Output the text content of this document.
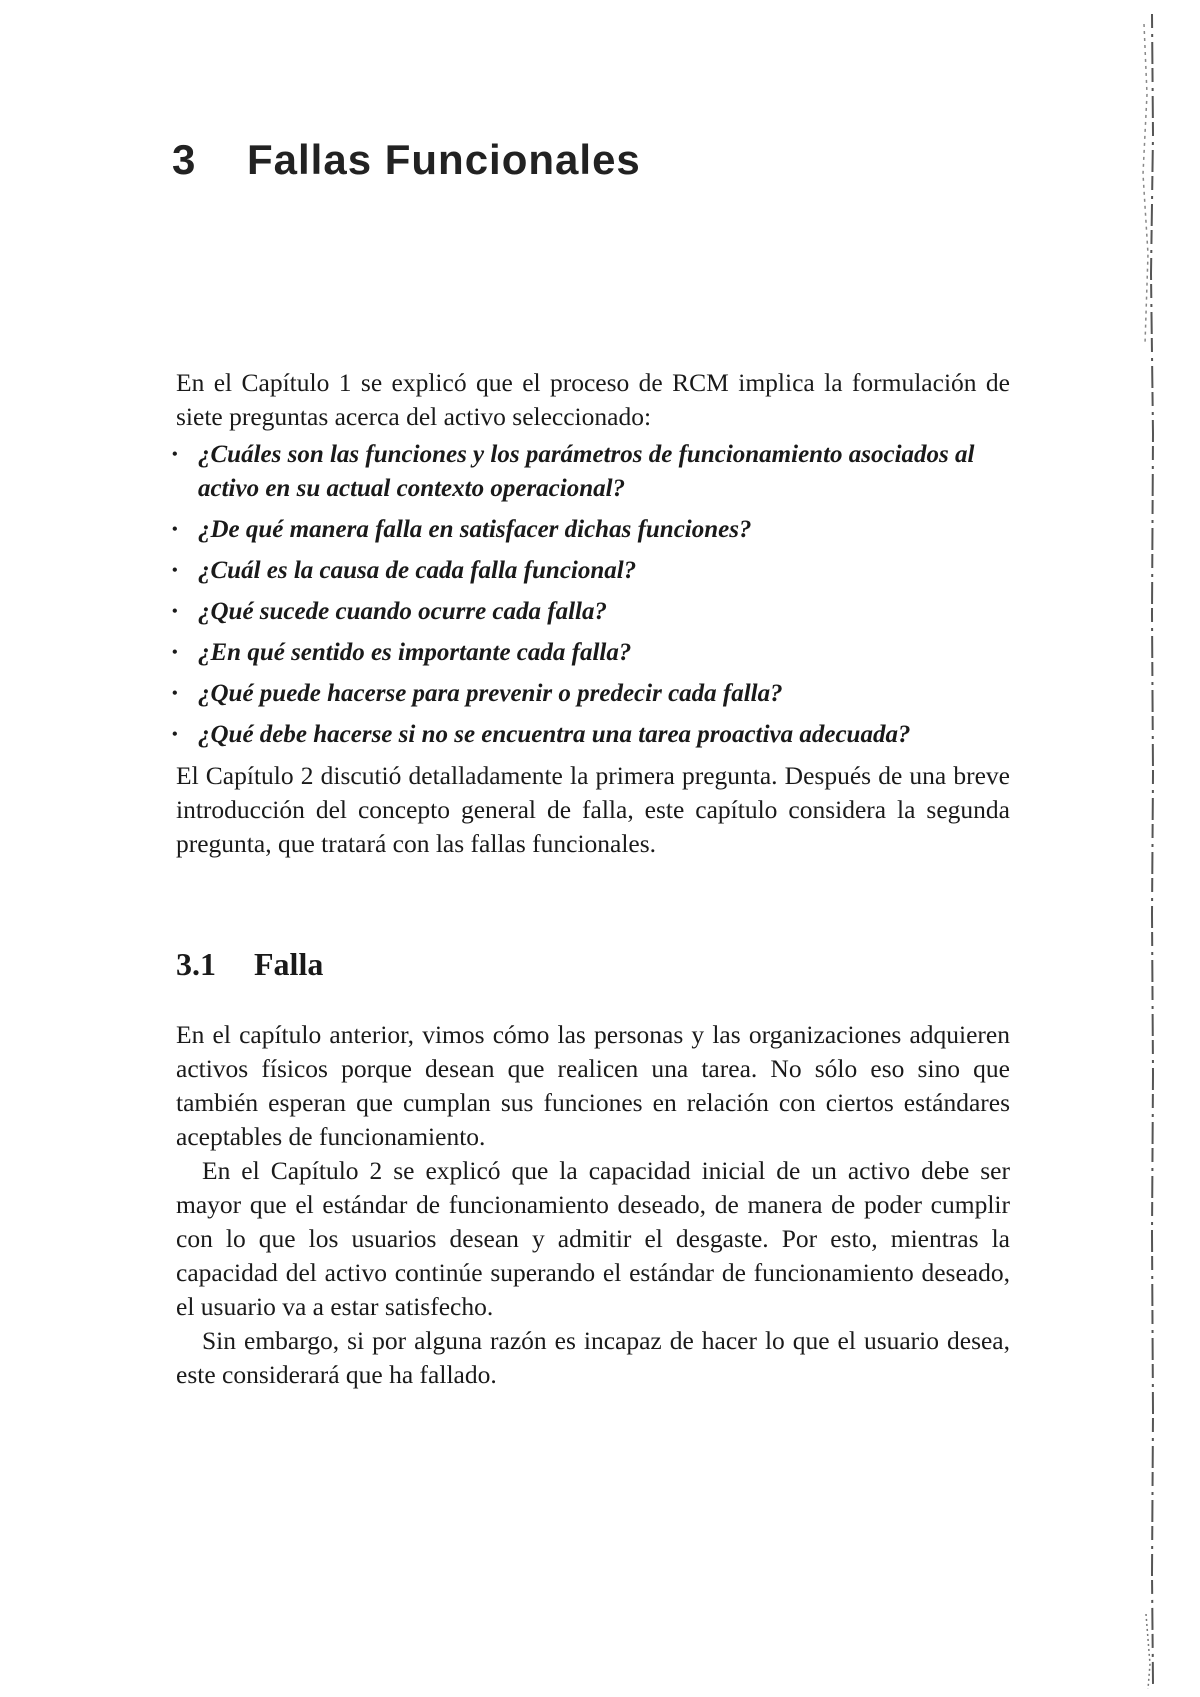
3 Fallas Funcionales

En el Capítulo 1 se explicó que el proceso de RCM implica la formulación de siete preguntas acerca del activo seleccionado:

• ¿Cuáles son las funciones y los parámetros de funcionamiento asociados al activo en su actual contexto operacional?
• ¿De qué manera falla en satisfacer dichas funciones?
• ¿Cuál es la causa de cada falla funcional?
• ¿Qué sucede cuando ocurre cada falla?
• ¿En qué sentido es importante cada falla?
• ¿Qué puede hacerse para prevenir o predecir cada falla?
• ¿Qué debe hacerse si no se encuentra una tarea proactiva adecuada?

El Capítulo 2 discutió detalladamente la primera pregunta. Después de una breve introducción del concepto general de falla, este capítulo considera la segunda pregunta, que tratará con las fallas funcionales.

3.1 Falla

En el capítulo anterior, vimos cómo las personas y las organizaciones adquieren activos físicos porque desean que realicen una tarea. No sólo eso sino que también esperan que cumplan sus funciones en relación con ciertos estándares aceptables de funcionamiento.

En el Capítulo 2 se explicó que la capacidad inicial de un activo debe ser mayor que el estándar de funcionamiento deseado, de manera de poder cumplir con lo que los usuarios desean y admitir el desgaste. Por esto, mientras la capacidad del activo continúe superando el estándar de funcionamiento deseado, el usuario va a estar satisfecho.

Sin embargo, si por alguna razón es incapaz de hacer lo que el usuario desea, este considerará que ha fallado.
